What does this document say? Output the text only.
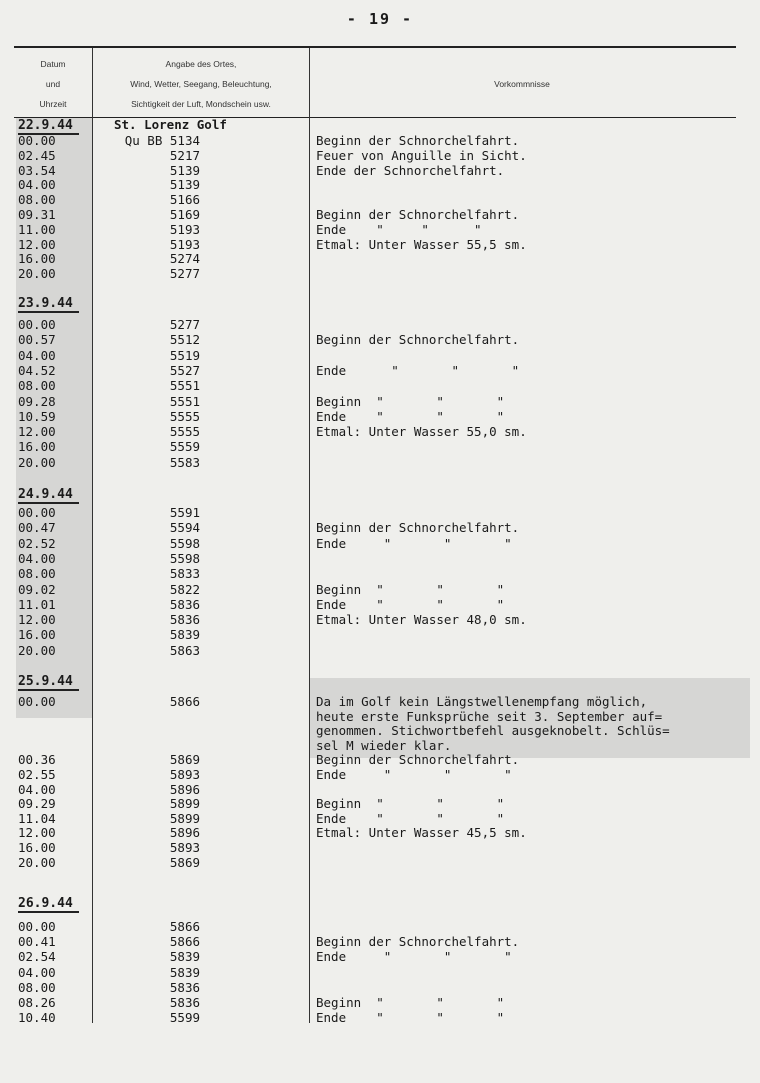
- 19 -
Datum
und
Uhrzeit
Angabe des Ortes,
Wind, Wetter, Seegang, Beleuchtung,
Sichtigkeit der Luft, Mondschein usw.
Vorkommnisse
22.9.44	St. Lorenz Golf
00.00	Qu BB 5134	Beginn der Schnorchelfahrt.
02.45	5217	Feuer von Anguille in Sicht.
03.54	5139	Ende der Schnorchelfahrt.
04.00	5139
08.00	5166
09.31	5169	Beginn der Schnorchelfahrt.
11.00	5193	Ende    "     "      "
12.00	5193	Etmal: Unter Wasser 55,5 sm.
16.00	5274
20.00	5277
23.9.44
00.00	5277
00.57	5512	Beginn der Schnorchelfahrt.
04.00	5519
04.52	5527	Ende      "       "       "
08.00	5551
09.28	5551	Beginn  "       "       "
10.59	5555	Ende    "       "       "
12.00	5555	Etmal: Unter Wasser 55,0 sm.
16.00	5559
20.00	5583
24.9.44
00.00	5591
00.47	5594	Beginn der Schnorchelfahrt.
02.52	5598	Ende     "       "       "
04.00	5598
08.00	5833
09.02	5822	Beginn  "       "       "
11.01	5836	Ende    "       "       "
12.00	5836	Etmal: Unter Wasser 48,0 sm.
16.00	5839
20.00	5863
25.9.44
00.00	5866	Da im Golf kein Längstwellenempfang möglich,
heute erste Funksprüche seit 3. September auf=
genommen. Stichwortbefehl ausgeknobelt. Schlüs=
sel M wieder klar.
00.36	5869	Beginn der Schnorchelfahrt.
02.55	5893	Ende     "       "       "
04.00	5896
09.29	5899	Beginn  "       "       "
11.04	5899	Ende    "       "       "
12.00	5896	Etmal: Unter Wasser 45,5 sm.
16.00	5893
20.00	5869
26.9.44
00.00	5866
00.41	5866	Beginn der Schnorchelfahrt.
02.54	5839	Ende     "       "       "
04.00	5839
08.00	5836
08.26	5836	Beginn  "       "       "
10.40	5599	Ende    "       "       "
